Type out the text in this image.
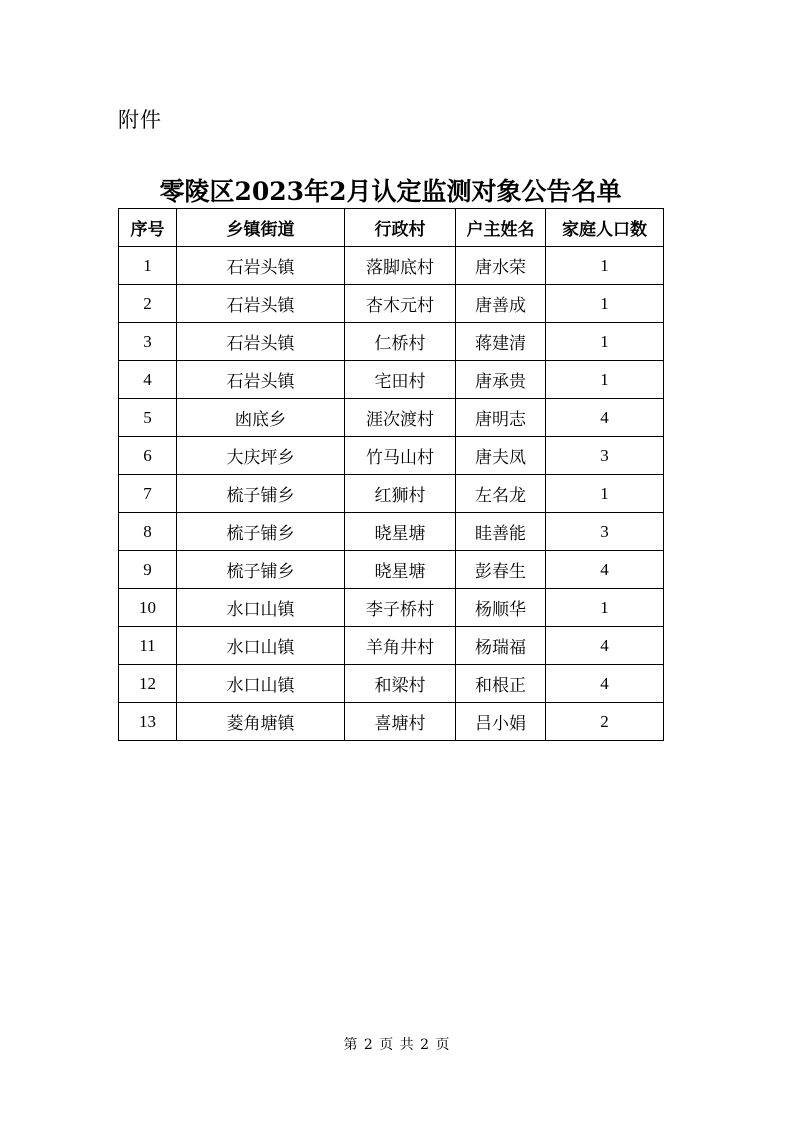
附件
零陵区2023年2月认定监测对象公告名单
序号	乡镇街道	行政村	户主姓名	家庭人口数
1	石岩头镇	落脚底村	唐水荣	1
2	石岩头镇	杏木元村	唐善成	1
3	石岩头镇	仁桥村	蒋建清	1
4	石岩头镇	宅田村	唐承贵	1
5	凼底乡	涯次渡村	唐明志	4
6	大庆坪乡	竹马山村	唐夫凤	3
7	梳子铺乡	红狮村	左名龙	1
8	梳子铺乡	晓星塘	眭善能	3
9	梳子铺乡	晓星塘	彭春生	4
10	水口山镇	李子桥村	杨顺华	1
11	水口山镇	羊角井村	杨瑞福	4
12	水口山镇	和梁村	和根正	4
13	菱角塘镇	喜塘村	吕小娟	2
第 2 页 共 2 页
